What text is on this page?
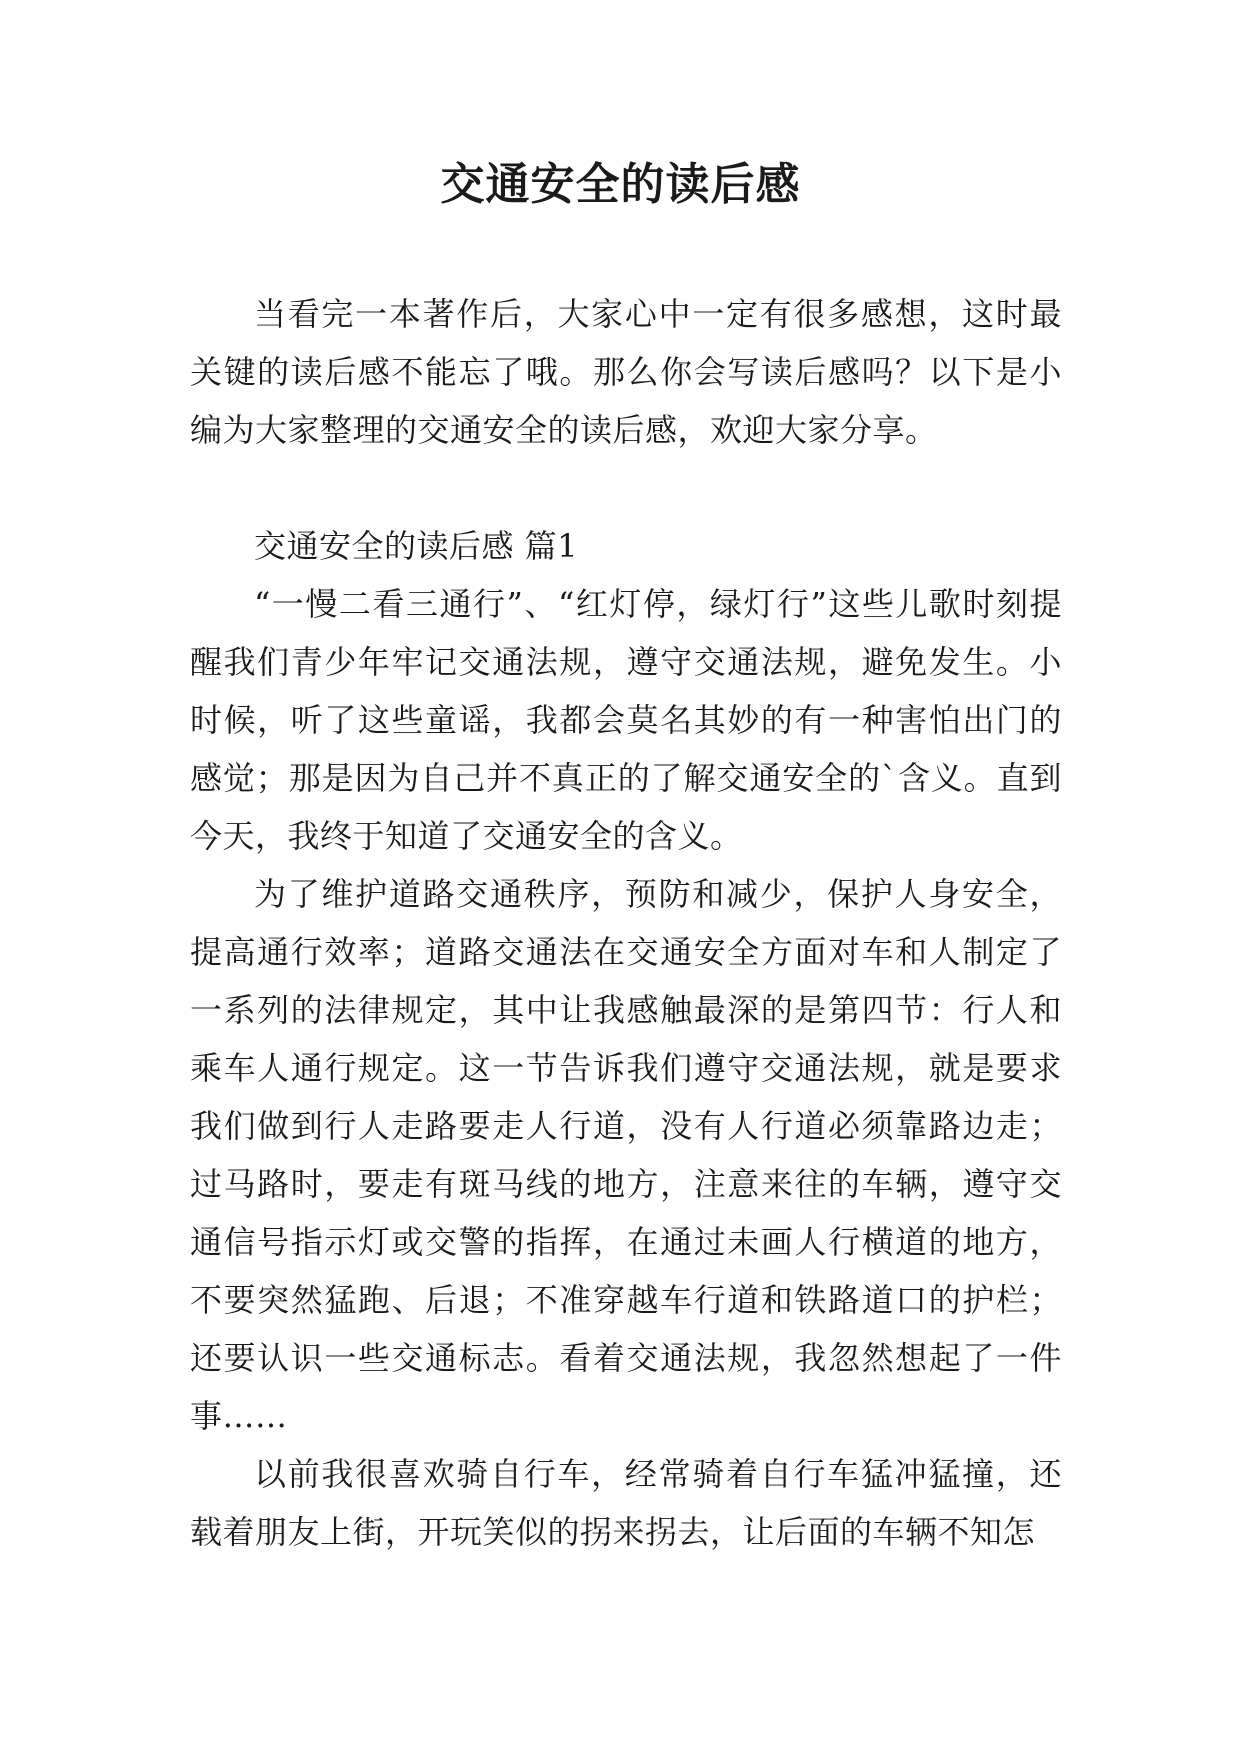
交通安全的读后感

当看完一本著作后，大家心中一定有很多感想，这时最关键的读后感不能忘了哦。那么你会写读后感吗？以下是小编为大家整理的交通安全的读后感，欢迎大家分享。

交通安全的读后感 篇1

“一慢二看三通行”、“红灯停，绿灯行”这些儿歌时刻提醒我们青少年牢记交通法规，遵守交通法规，避免发生。小时候，听了这些童谣，我都会莫名其妙的有一种害怕出门的感觉；那是因为自己并不真正的了解交通安全的`含义。直到今天，我终于知道了交通安全的含义。

为了维护道路交通秩序，预防和减少，保护人身安全，提高通行效率；道路交通法在交通安全方面对车和人制定了一系列的法律规定，其中让我感触最深的是第四节：行人和乘车人通行规定。这一节告诉我们遵守交通法规，就是要求我们做到行人走路要走人行道，没有人行道必须靠路边走；过马路时，要走有斑马线的地方，注意来往的车辆，遵守交通信号指示灯或交警的指挥，在通过未画人行横道的地方，不要突然猛跑、后退；不准穿越车行道和铁路道口的护栏；还要认识一些交通标志。看着交通法规，我忽然想起了一件事……

以前我很喜欢骑自行车，经常骑着自行车猛冲猛撞，还载着朋友上街，开玩笑似的拐来拐去，让后面的车辆不知怎
